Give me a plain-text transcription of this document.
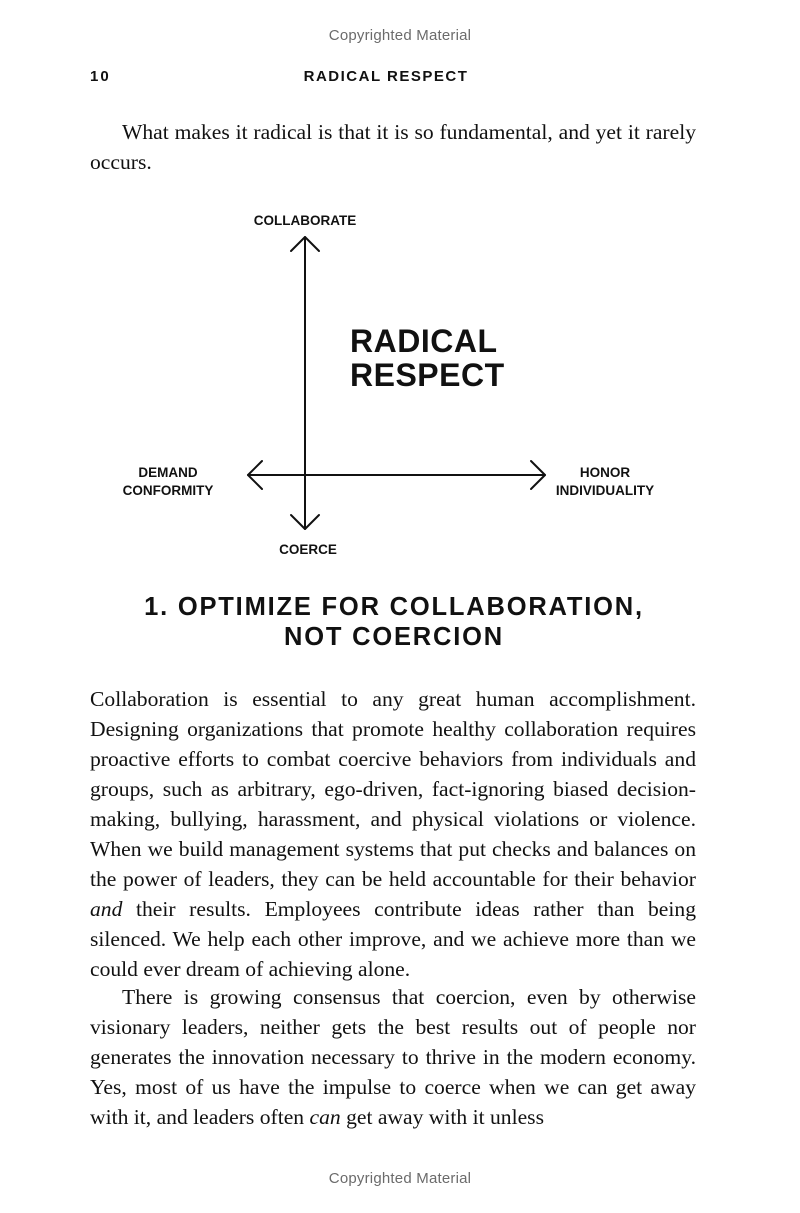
Copyrighted Material
10	RADICAL RESPECT

What makes it radical is that it is so fundamental, and yet it rarely occurs.

COLLABORATE
COERCE
DEMAND
CONFORMITY
HONOR
INDIVIDUALITY
RADICAL
RESPECT
1. OPTIMIZE FOR COLLABORATION,
NOT COERCION

Collaboration is essential to any great human accomplishment. Designing organizations that promote healthy collaboration requires proactive efforts to combat coercive behaviors from individuals and groups, such as arbitrary, ego-driven, fact-ignoring biased decision-making, bullying, harassment, and physical violations or violence. When we build management systems that put checks and balances on the power of leaders, they can be held accountable for their behavior and their results. Employees contribute ideas rather than being silenced. We help each other improve, and we achieve more than we could ever dream of achieving alone.

There is growing consensus that coercion, even by otherwise visionary leaders, neither gets the best results out of people nor generates the innovation necessary to thrive in the modern economy. Yes, most of us have the impulse to coerce when we can get away with it, and leaders often can get away with it unless

Copyrighted Material
